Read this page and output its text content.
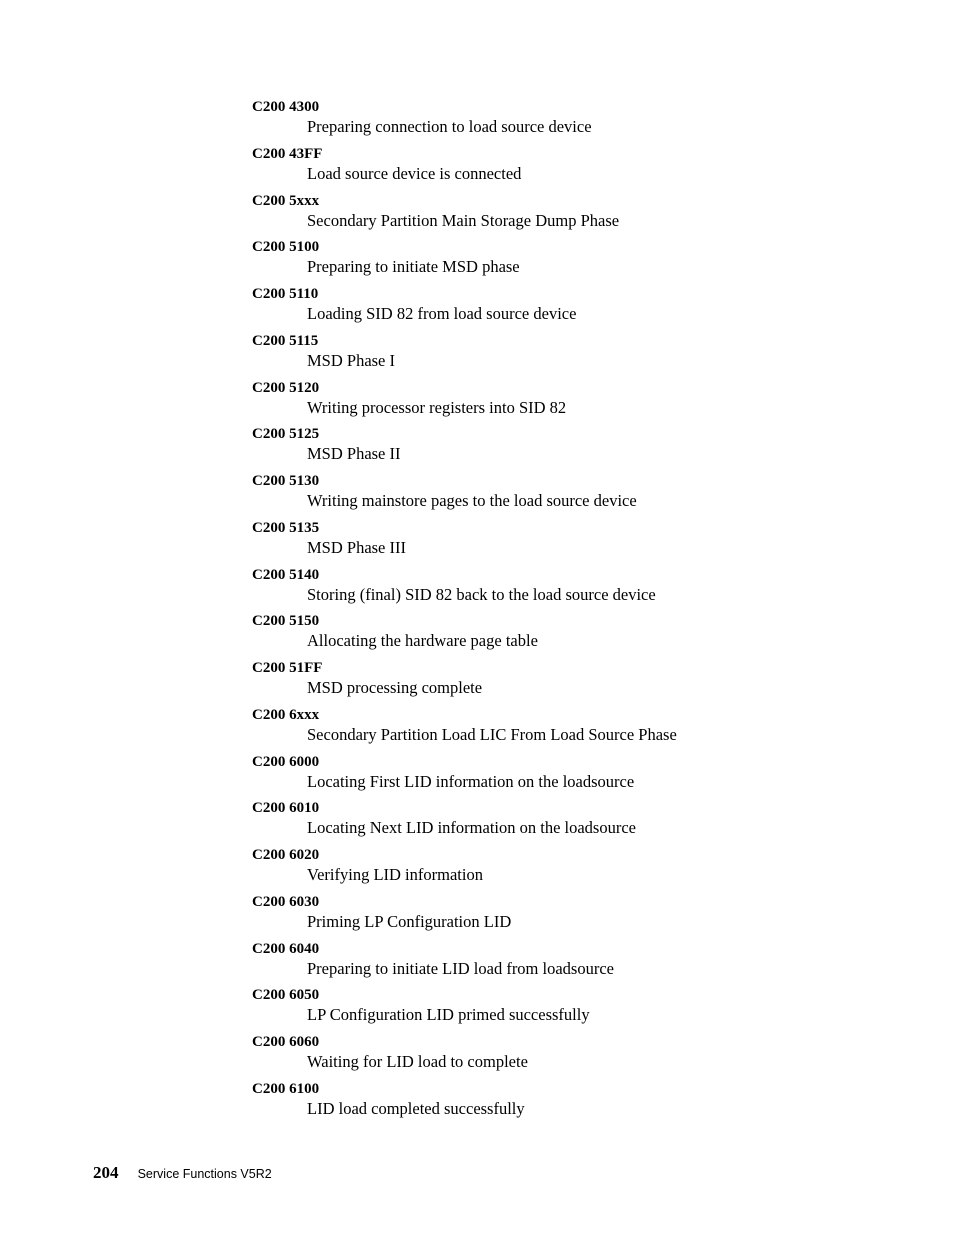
C200 4300
Preparing connection to load source device
C200 43FF
Load source device is connected
C200 5xxx
Secondary Partition Main Storage Dump Phase
C200 5100
Preparing to initiate MSD phase
C200 5110
Loading SID 82 from load source device
C200 5115
MSD Phase I
C200 5120
Writing processor registers into SID 82
C200 5125
MSD Phase II
C200 5130
Writing mainstore pages to the load source device
C200 5135
MSD Phase III
C200 5140
Storing (final) SID 82 back to the load source device
C200 5150
Allocating the hardware page table
C200 51FF
MSD processing complete
C200 6xxx
Secondary Partition Load LIC From Load Source Phase
C200 6000
Locating First LID information on the loadsource
C200 6010
Locating Next LID information on the loadsource
C200 6020
Verifying LID information
C200 6030
Priming LP Configuration LID
C200 6040
Preparing to initiate LID load from loadsource
C200 6050
LP Configuration LID primed successfully
C200 6060
Waiting for LID load to complete
C200 6100
LID load completed successfully
204 Service Functions V5R2
